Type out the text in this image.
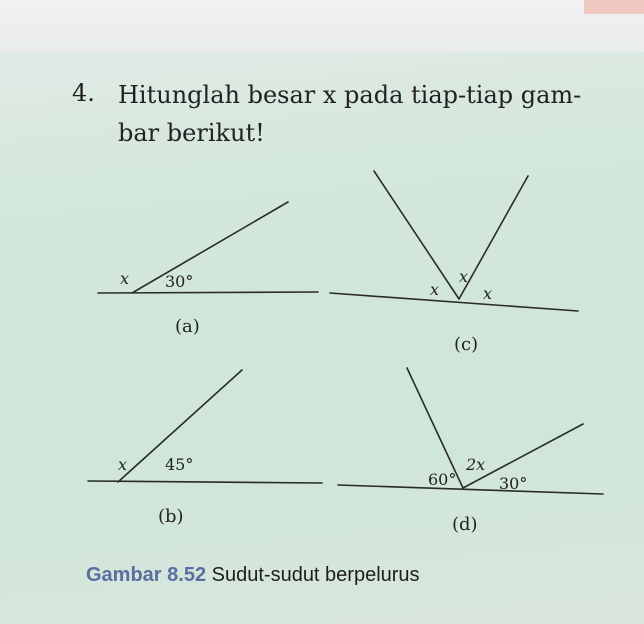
4. Hitunglah besar x pada tiap-tiap gam- bar berikut!
x 30°
(a)
x 45°
(b)
x
x
x
(c)
60°
2x
30°
(d)
Gambar 8.52 Sudut-sudut berpelurus
